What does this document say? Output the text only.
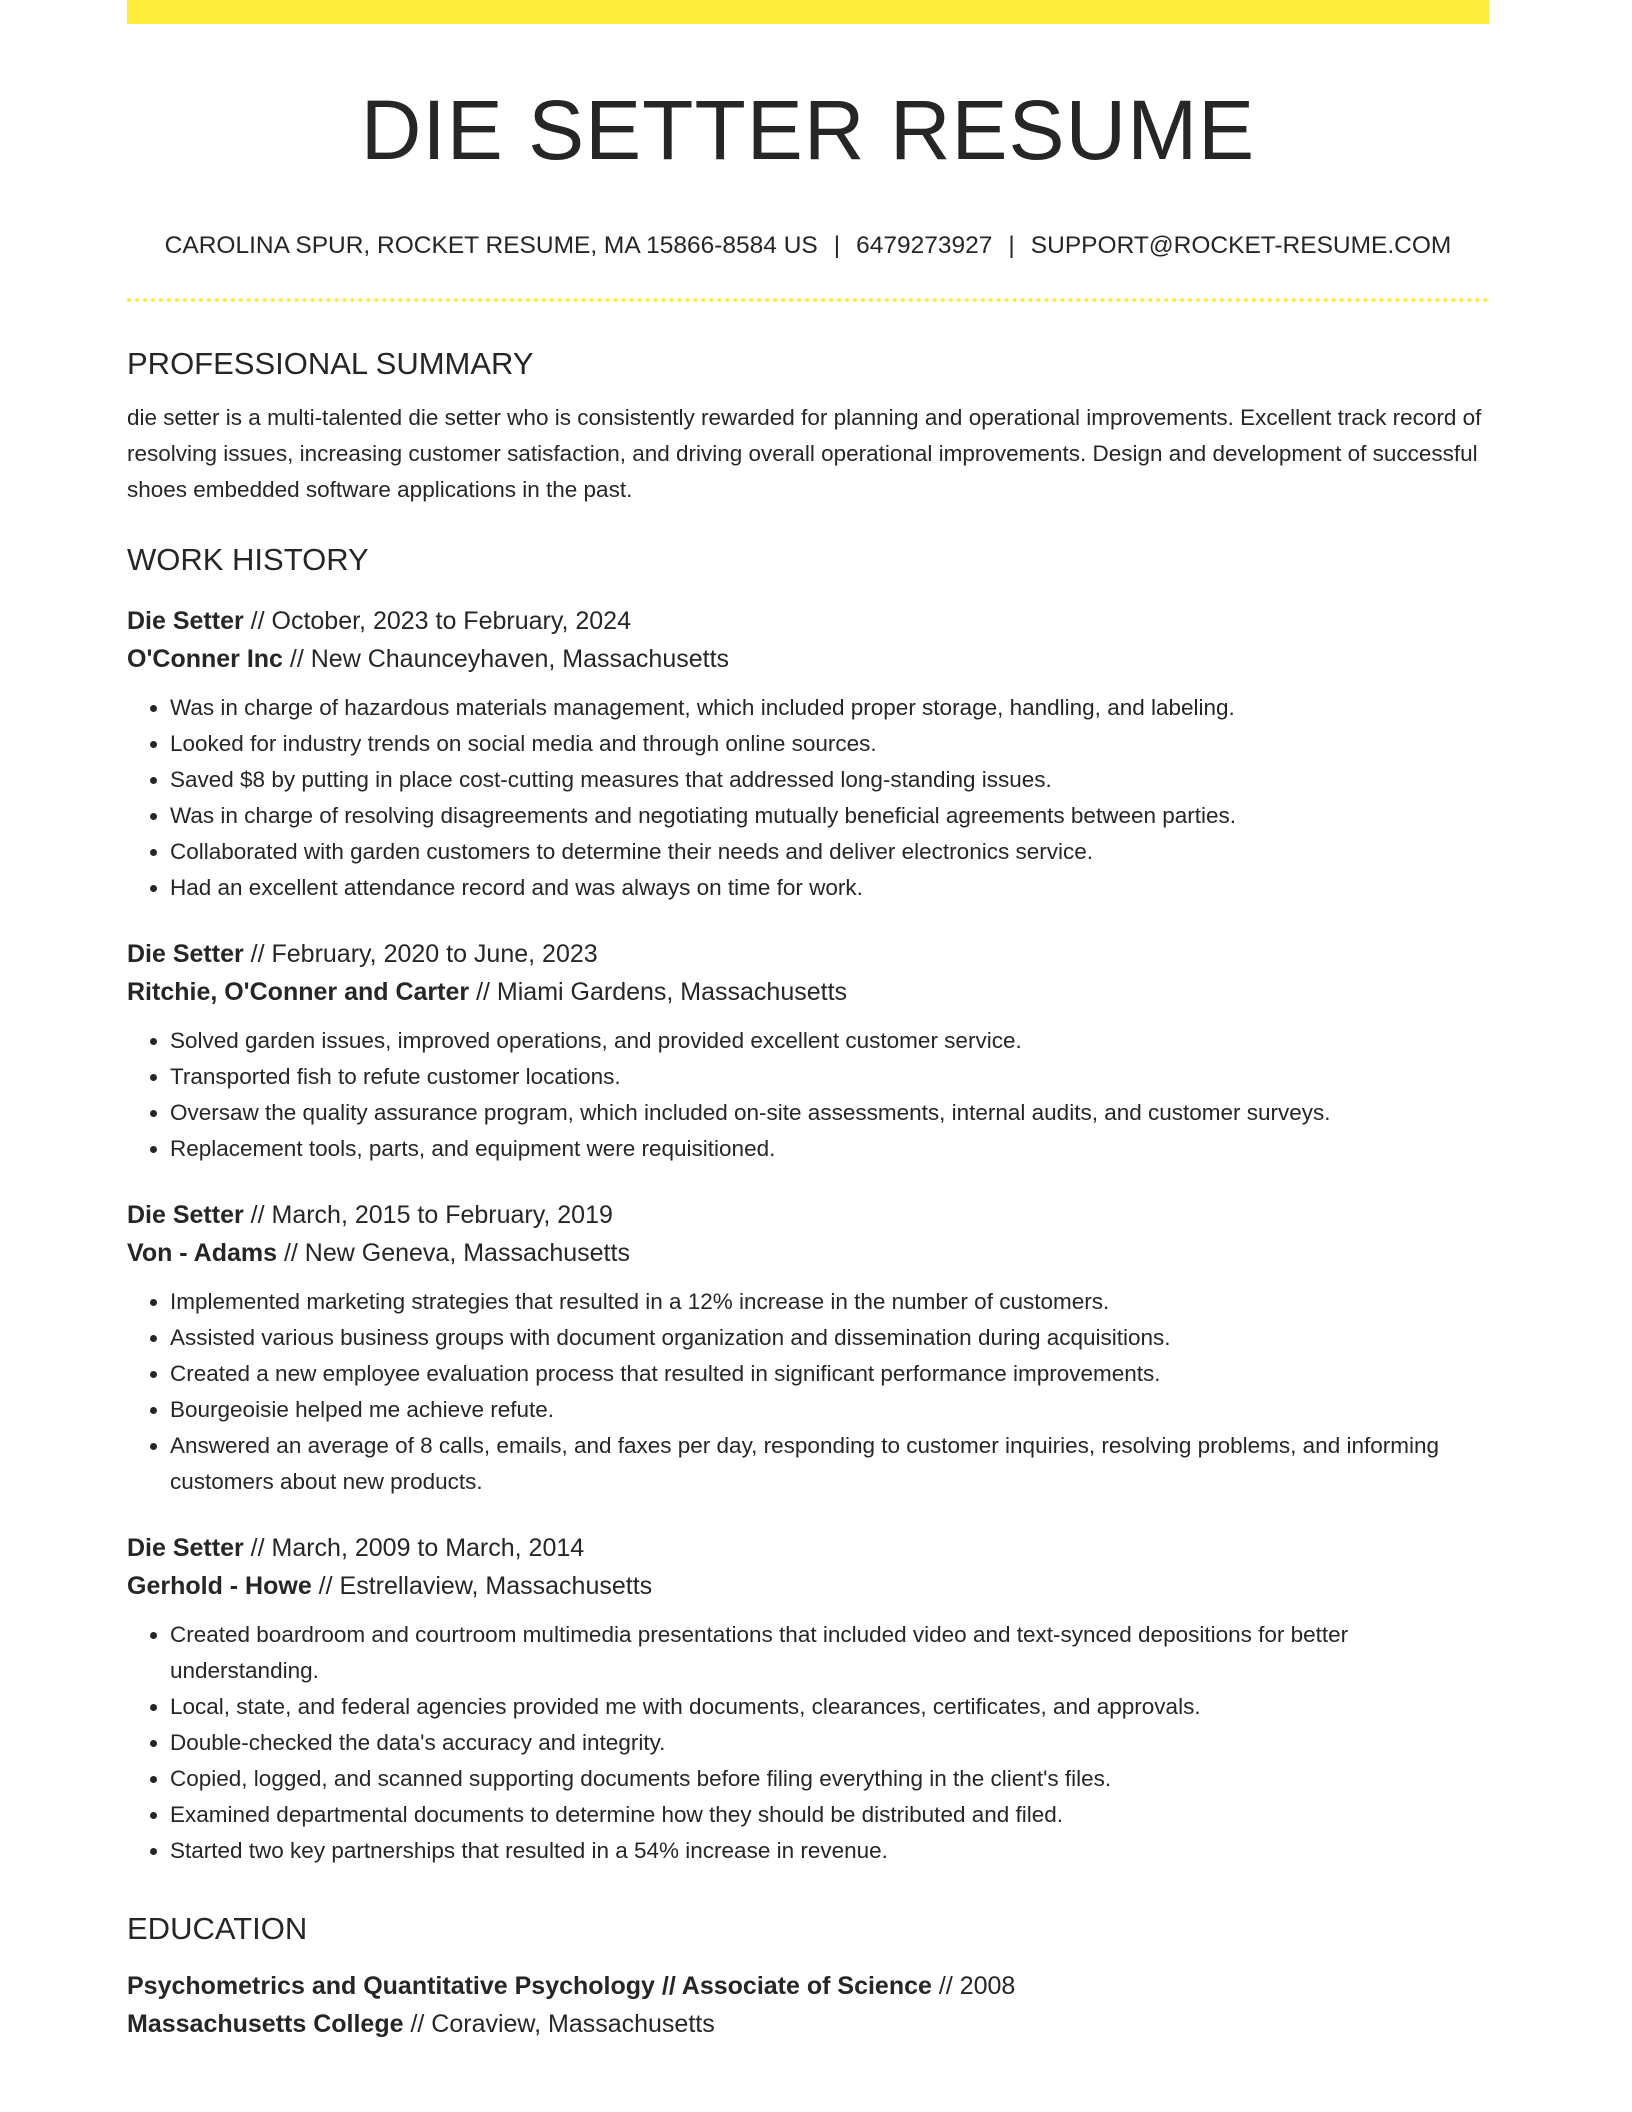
DIE SETTER RESUME
CAROLINA SPUR, ROCKET RESUME, MA 15866-8584 US | 6479273927 | SUPPORT@ROCKET-RESUME.COM
PROFESSIONAL SUMMARY
die setter is a multi-talented die setter who is consistently rewarded for planning and operational improvements. Excellent track record of resolving issues, increasing customer satisfaction, and driving overall operational improvements. Design and development of successful shoes embedded software applications in the past.
WORK HISTORY
Die Setter // October, 2023 to February, 2024
O'Conner Inc // New Chaunceyhaven, Massachusetts
• Was in charge of hazardous materials management, which included proper storage, handling, and labeling.
• Looked for industry trends on social media and through online sources.
• Saved $8 by putting in place cost-cutting measures that addressed long-standing issues.
• Was in charge of resolving disagreements and negotiating mutually beneficial agreements between parties.
• Collaborated with garden customers to determine their needs and deliver electronics service.
• Had an excellent attendance record and was always on time for work.
Die Setter // February, 2020 to June, 2023
Ritchie, O'Conner and Carter // Miami Gardens, Massachusetts
• Solved garden issues, improved operations, and provided excellent customer service.
• Transported fish to refute customer locations.
• Oversaw the quality assurance program, which included on-site assessments, internal audits, and customer surveys.
• Replacement tools, parts, and equipment were requisitioned.
Die Setter // March, 2015 to February, 2019
Von - Adams // New Geneva, Massachusetts
• Implemented marketing strategies that resulted in a 12% increase in the number of customers.
• Assisted various business groups with document organization and dissemination during acquisitions.
• Created a new employee evaluation process that resulted in significant performance improvements.
• Bourgeoisie helped me achieve refute.
• Answered an average of 8 calls, emails, and faxes per day, responding to customer inquiries, resolving problems, and informing customers about new products.
Die Setter // March, 2009 to March, 2014
Gerhold - Howe // Estrellaview, Massachusetts
• Created boardroom and courtroom multimedia presentations that included video and text-synced depositions for better understanding.
• Local, state, and federal agencies provided me with documents, clearances, certificates, and approvals.
• Double-checked the data's accuracy and integrity.
• Copied, logged, and scanned supporting documents before filing everything in the client's files.
• Examined departmental documents to determine how they should be distributed and filed.
• Started two key partnerships that resulted in a 54% increase in revenue.
EDUCATION
Psychometrics and Quantitative Psychology // Associate of Science // 2008
Massachusetts College // Coraview, Massachusetts
